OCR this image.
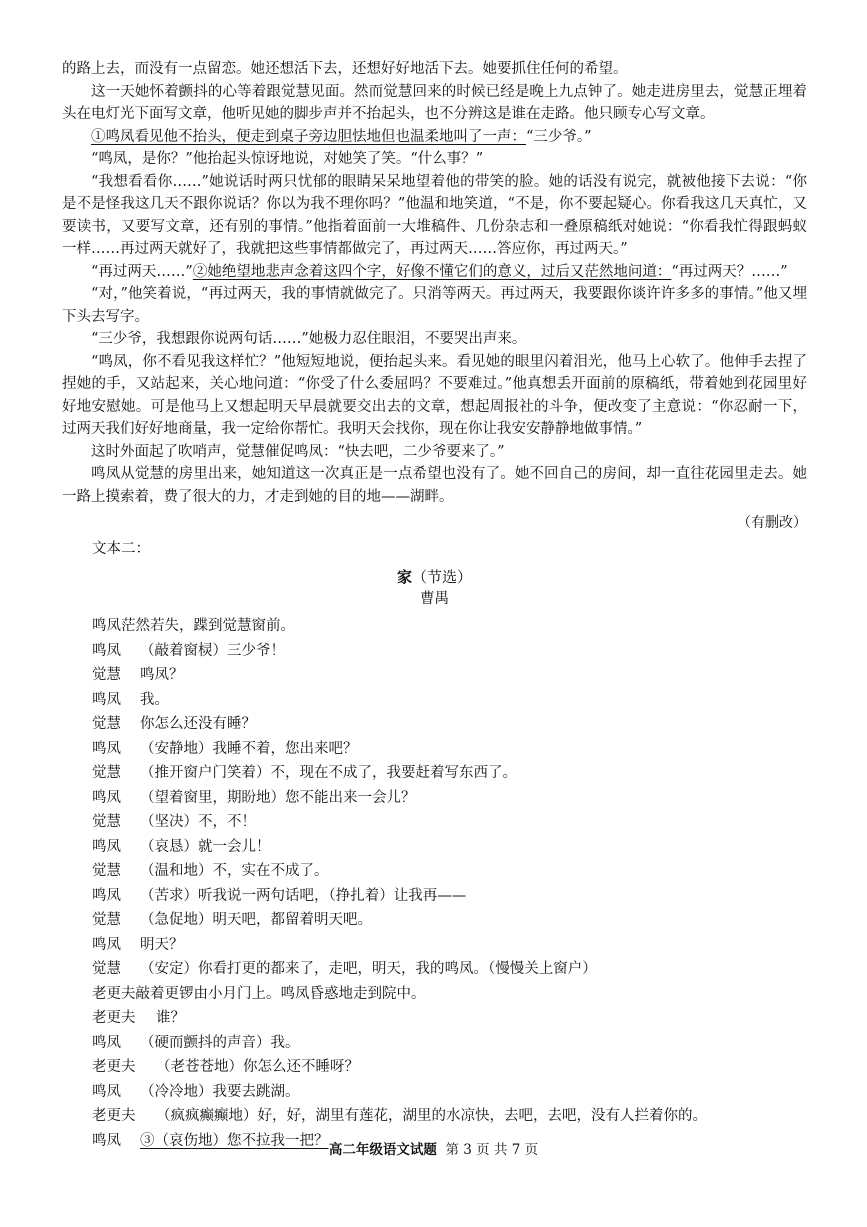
的路上去，而没有一点留恋。她还想活下去，还想好好地活下去。她要抓住任何的希望。

这一天她怀着颤抖的心等着跟觉慧见面。然而觉慧回来的时候已经是晚上九点钟了。她走进房里去，觉慧正埋着头在电灯光下面写文章，他听见她的脚步声并不抬起头，也不分辨这是谁在走路。他只顾专心写文章。

①鸣凤看见他不抬头，便走到桌子旁边胆怯地但也温柔地叫了一声：“三少爷。”

“鸣凤，是你？”他抬起头惊讶地说，对她笑了笑。“什么事？”

“我想看看你……”她说话时两只忧郁的眼睛呆呆地望着他的带笑的脸。她的话没有说完，就被他接下去说：“你是不是怪我这几天不跟你说话？你以为我不理你吗？”他温和地笑道，“不是，你不要起疑心。你看我这几天真忙，又要读书，又要写文章，还有别的事情。”他指着面前一大堆稿件、几份杂志和一叠原稿纸对她说：“你看我忙得跟蚂蚁一样……再过两天就好了，我就把这些事情都做完了，再过两天……答应你，再过两天。”

“再过两天……”②她绝望地悲声念着这四个字，好像不懂它们的意义，过后又茫然地问道：“再过两天？……”

“对，”他笑着说，“再过两天，我的事情就做完了。只消等两天。再过两天，我要跟你谈许许多多的事情。”他又埋下头去写字。

“三少爷，我想跟你说两句话……”她极力忍住眼泪，不要哭出声来。

“鸣凤，你不看见我这样忙？”他短短地说，便抬起头来。看见她的眼里闪着泪光，他马上心软了。他伸手去捏了捏她的手，又站起来，关心地问道：“你受了什么委屈吗？不要难过。”他真想丢开面前的原稿纸，带着她到花园里好好地安慰她。可是他马上又想起明天早晨就要交出去的文章，想起周报社的斗争，便改变了主意说：“你忍耐一下，过两天我们好好地商量，我一定给你帮忙。我明天会找你，现在你让我安安静静地做事情。”

这时外面起了吹哨声，觉慧催促鸣凤：“快去吧，二少爷要来了。”

鸣凤从觉慧的房里出来，她知道这一次真正是一点希望也没有了。她不回自己的房间，却一直往花园里走去。她一路上摸索着，费了很大的力，才走到她的目的地——湖畔。

（有删改）
文本二：
家（节选）
曹禺
鸣凤茫然若失，蹀到觉慧窗前。
鸣凤	（敲着窗棂）三少爷！
觉慧	鸣凤？
鸣凤	我。
觉慧	你怎么还没有睡？
鸣凤	（安静地）我睡不着，您出来吧？
觉慧	（推开窗户门笑着）不，现在不成了，我要赶着写东西了。
鸣凤	（望着窗里，期盼地）您不能出来一会儿？
觉慧	（坚决）不，不！
鸣凤	（哀恳）就一会儿！
觉慧	（温和地）不，实在不成了。
鸣凤	（苦求）听我说一两句话吧，（挣扎着）让我再——
觉慧	（急促地）明天吧，都留着明天吧。
鸣凤	明天？
觉慧	（安定）你看打更的都来了，走吧，明天，我的鸣凤。（慢慢关上窗户）
老更夫敲着更锣由小月门上。鸣凤昏惑地走到院中。
老更夫	谁？
鸣凤	（硬而颤抖的声音）我。
老更夫	（老苍苍地）你怎么还不睡呀？
鸣凤	（冷冷地）我要去跳湖。
老更夫	（疯疯癫癫地）好，好，湖里有莲花，湖里的水凉快，去吧，去吧，没有人拦着你的。
鸣凤	③（哀伤地）您不拉我一把？
高二年级语文试题 第 3 页 共 7 页
